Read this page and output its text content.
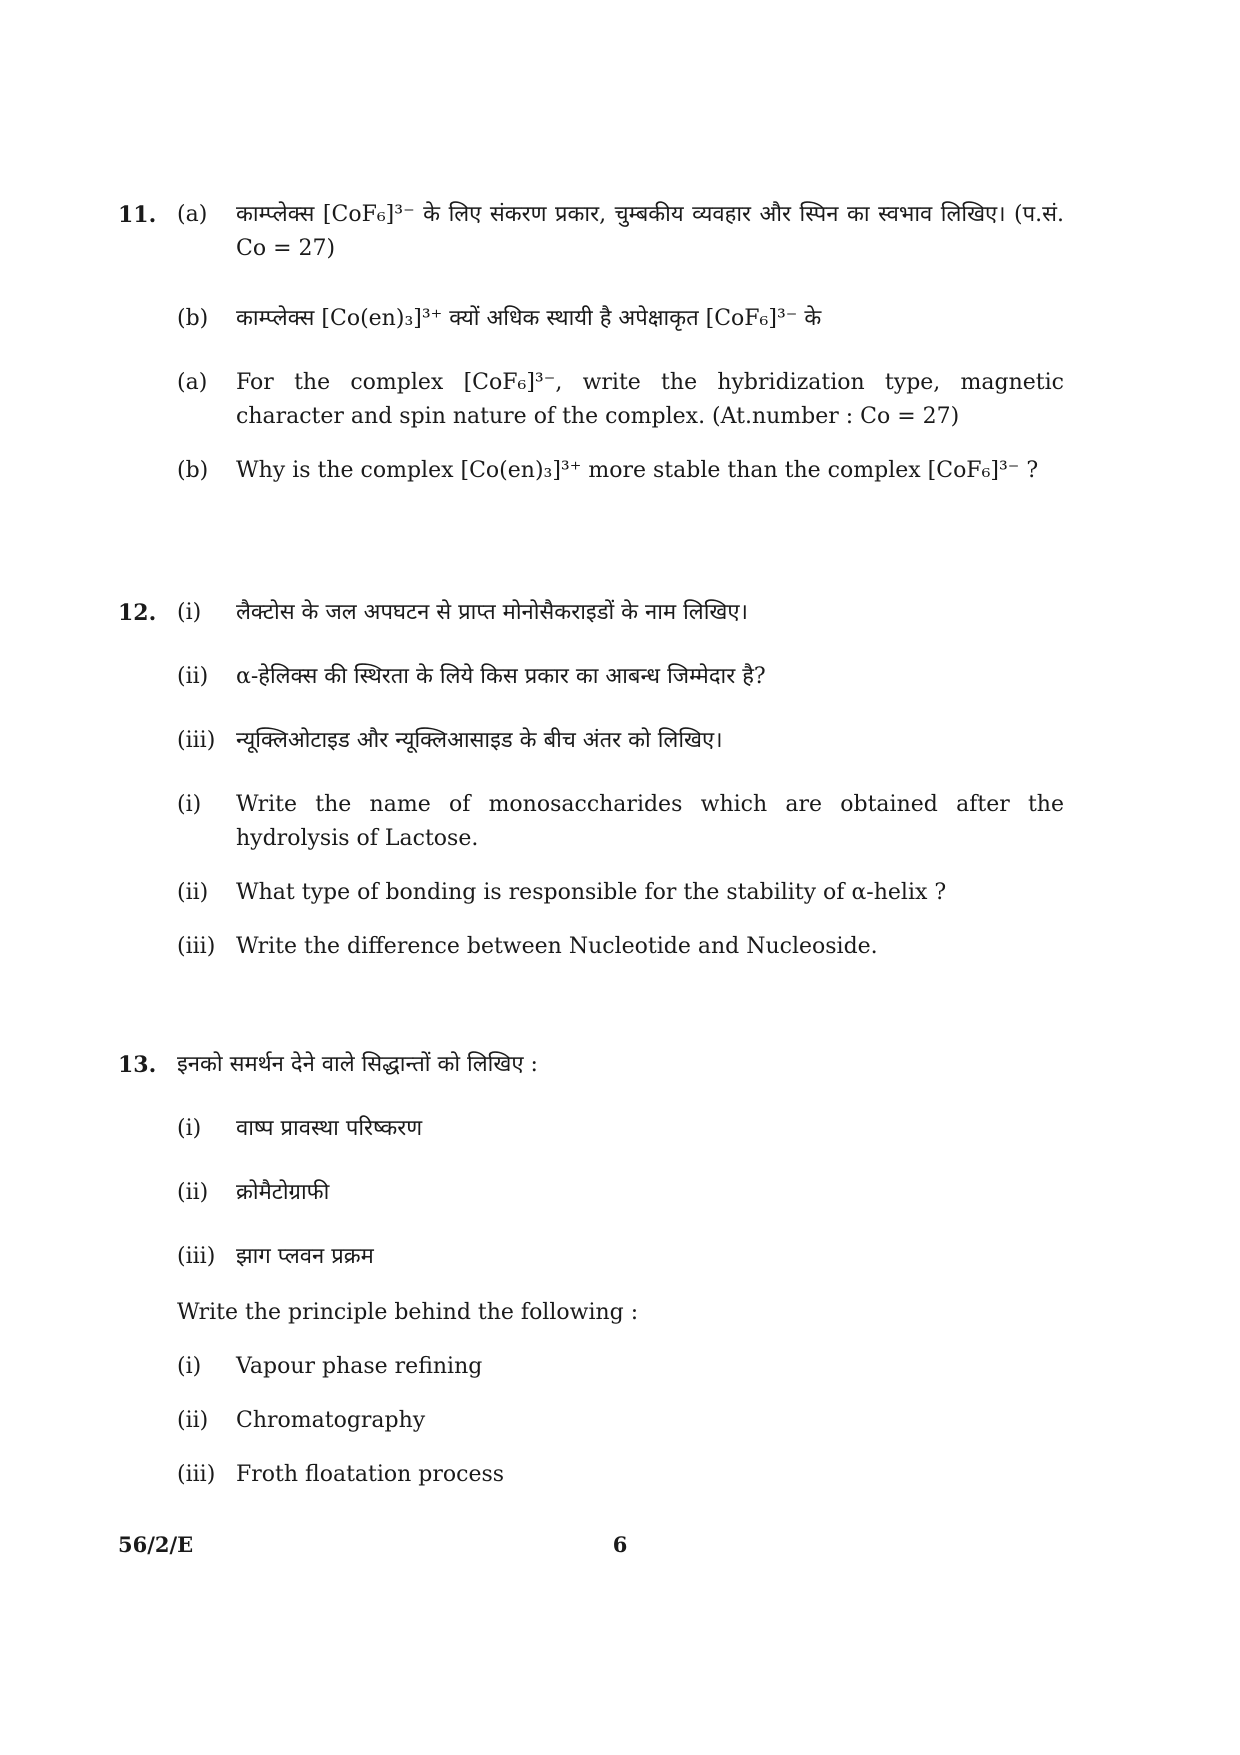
11. (a) काम्प्लेक्स [CoF₆]³⁻ के लिए संकरण प्रकार, चुम्बकीय व्यवहार और स्पिन का स्वभाव लिखिए। (प.सं. Co = 27)
(b) काम्प्लेक्स [Co(en)₃]³⁺ क्यों अधिक स्थायी है अपेक्षाकृत [CoF₆]³⁻ के
(a) For the complex [CoF₆]³⁻, write the hybridization type, magnetic character and spin nature of the complex. (At.number : Co = 27)
(b) Why is the complex [Co(en)₃]³⁺ more stable than the complex [CoF₆]³⁻ ?
12. (i) लैक्टोस के जल अपघटन से प्राप्त मोनोसैकराइडों के नाम लिखिए।
(ii) α-हेलिक्स की स्थिरता के लिये किस प्रकार का आबन्ध जिम्मेदार है?
(iii) न्यूक्लिओटाइड और न्यूक्लिआसाइड के बीच अंतर को लिखिए।
(i) Write the name of monosaccharides which are obtained after the hydrolysis of Lactose.
(ii) What type of bonding is responsible for the stability of α-helix ?
(iii) Write the difference between Nucleotide and Nucleoside.
13. इनको समर्थन देने वाले सिद्धान्तों को लिखिए :
(i) वाष्प प्रावस्था परिष्करण
(ii) क्रोमैटोग्राफी
(iii) झाग प्लवन प्रक्रम
Write the principle behind the following :
(i) Vapour phase refining
(ii) Chromatography
(iii) Froth floatation process
56/2/E	6
